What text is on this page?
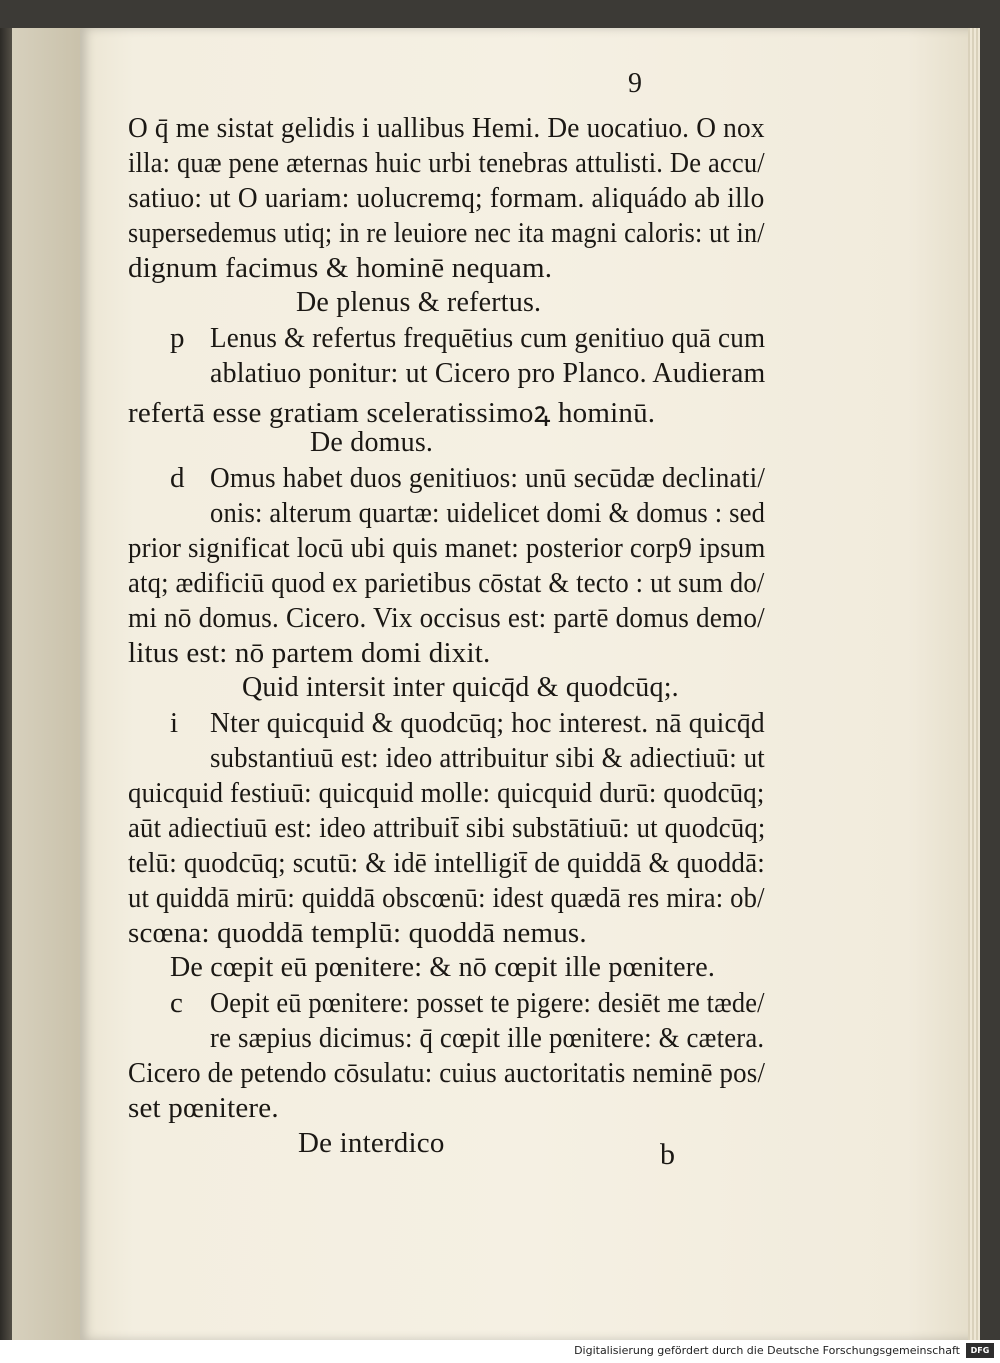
9
O q̄ me sistat gelidis i uallibus Hemi. De uocatiuo. O nox
illa: quæ pene æternas huic urbi tenebras attulisti. De accu/
satiuo: ut O uariam: uolucremq; formam. aliquádo ab illo
supersedemus utiq; in re leuiore nec ita magni caloris: ut in/
dignum facimus & hominē nequam.
De plenus & refertus.
p Lenus & refertus frequētius cum genitiuo quā cum
ablatiuo ponitur: ut Cicero pro Planco. Audieram
refertā esse gratiam sceleratissimoꝝ hominū.
De domus.
d Omus habet duos genitiuos: unū secūdæ declinati/
onis: alterum quartæ: uidelicet domi & domus : sed
prior significat locū ubi quis manet: posterior corp9 ipsum
atq; ædificiū quod ex parietibus cōstat & tecto : ut sum do/
mi nō domus. Cicero. Vix occisus est: partē domus demo/
litus est: nō partem domi dixit.
Quid intersit inter quicq̄d & quodcūq;.
i Nter quicquid & quodcūq; hoc interest. nā quicq̄d
substantiuū est: ideo attribuitur sibi & adiectiuū: ut
quicquid festiuū: quicquid molle: quicquid durū: quodcūq;
aūt adiectiuū est: ideo attribuit̄ sibi substātiuū: ut quodcūq;
telū: quodcūq; scutū: & idē intelligit̄ de quiddā & quoddā:
ut quiddā mirū: quiddā obscœnū: idest quædā res mira: ob/
scœna: quoddā templū: quoddā nemus.
De cœpit eū pœnitere: & nō cœpit ille pœnitere.
c Oepit eū pœnitere: posset te pigere: desiēt me tæde/
re sæpius dicimus: q̄ cœpit ille pœnitere: & cætera.
Cicero de petendo cōsulatu: cuius auctoritatis neminē pos/
set pœnitere.
De interdico	b
Digitalisierung gefördert durch die Deutsche Forschungsgemeinschaft	DFG
